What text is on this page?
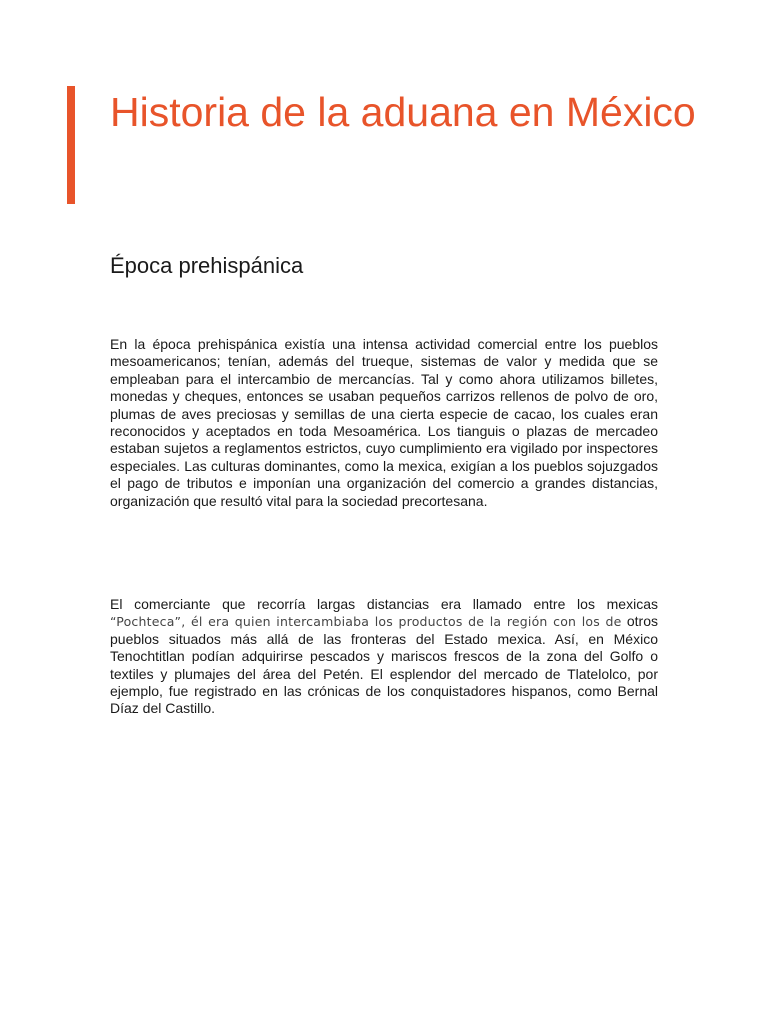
Historia de la aduana en México
Época prehispánica

En la época prehispánica existía una intensa actividad comercial entre los pueblos mesoamericanos; tenían, además del trueque, sistemas de valor y medida que se empleaban para el intercambio de mercancías. Tal y como ahora utilizamos billetes, monedas y cheques, entonces se usaban pequeños carrizos rellenos de polvo de oro, plumas de aves preciosas y semillas de una cierta especie de cacao, los cuales eran reconocidos y aceptados en toda Mesoamérica. Los tianguis o plazas de mercadeo estaban sujetos a reglamentos estrictos, cuyo cumplimiento era vigilado por inspectores especiales. Las culturas dominantes, como la mexica, exigían a los pueblos sojuzgados el pago de tributos e imponían una organización del comercio a grandes distancias, organización que resultó vital para la sociedad precortesana.

El comerciante que recorría largas distancias era llamado entre los mexicas “Pochteca”, él era quien intercambiaba los productos de la región con los de otros pueblos situados más allá de las fronteras del Estado mexica. Así, en México Tenochtitlan podían adquirirse pescados y mariscos frescos de la zona del Golfo o textiles y plumajes del área del Petén. El esplendor del mercado de Tlatelolco, por ejemplo, fue registrado en las crónicas de los conquistadores hispanos, como Bernal Díaz del Castillo.
